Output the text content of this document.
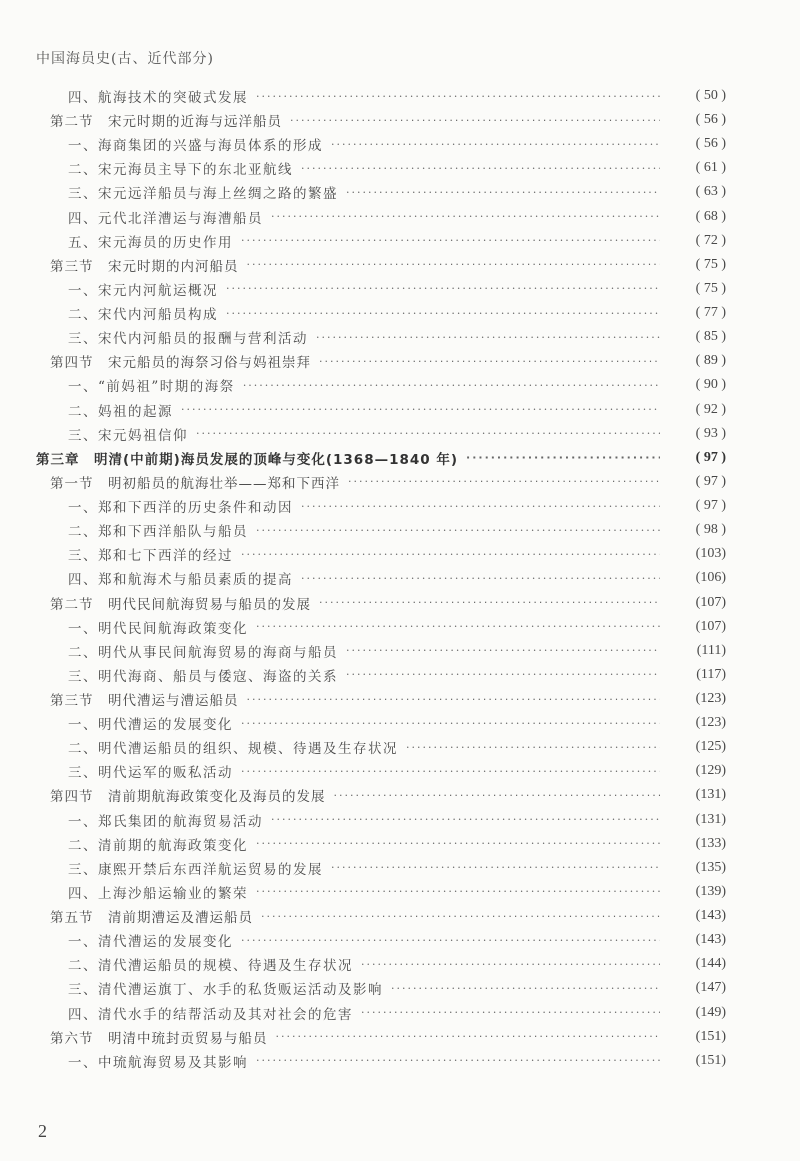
中国海员史(古、近代部分)
四、航海技术的突破式发展 ·····	( 50 )
第二节　宋元时期的近海与远洋船员 ·····	( 56 )
一、海商集团的兴盛与海员体系的形成 ·····	( 56 )
二、宋元海员主导下的东北亚航线 ·····	( 61 )
三、宋元远洋船员与海上丝绸之路的繁盛 ·····	( 63 )
四、元代北洋漕运与海漕船员 ·····	( 68 )
五、宋元海员的历史作用 ·····	( 72 )
第三节　宋元时期的内河船员 ·····	( 75 )
一、宋元内河航运概况 ·····	( 75 )
二、宋代内河船员构成 ·····	( 77 )
三、宋代内河船员的报酬与营利活动 ·····	( 85 )
第四节　宋元船员的海祭习俗与妈祖崇拜 ·····	( 89 )
一、“前妈祖”时期的海祭 ·····	( 90 )
二、妈祖的起源 ·····	( 92 )
三、宋元妈祖信仰 ·····	( 93 )
第三章　明清(中前期)海员发展的顶峰与变化(1368—1840 年) ·····	( 97 )
第一节　明初船员的航海壮举——郑和下西洋 ·····	( 97 )
一、郑和下西洋的历史条件和动因 ·····	( 97 )
二、郑和下西洋船队与船员 ·····	( 98 )
三、郑和七下西洋的经过 ·····	(103)
四、郑和航海术与船员素质的提高 ·····	(106)
第二节　明代民间航海贸易与船员的发展 ·····	(107)
一、明代民间航海政策变化 ·····	(107)
二、明代从事民间航海贸易的海商与船员 ·····	(111)
三、明代海商、船员与倭寇、海盗的关系 ·····	(117)
第三节　明代漕运与漕运船员 ·····	(123)
一、明代漕运的发展变化 ·····	(123)
二、明代漕运船员的组织、规模、待遇及生存状况 ·····	(125)
三、明代运军的贩私活动 ·····	(129)
第四节　清前期航海政策变化及海员的发展 ·····	(131)
一、郑氏集团的航海贸易活动 ·····	(131)
二、清前期的航海政策变化 ·····	(133)
三、康熙开禁后东西洋航运贸易的发展 ·····	(135)
四、上海沙船运输业的繁荣 ·····	(139)
第五节　清前期漕运及漕运船员 ·····	(143)
一、清代漕运的发展变化 ·····	(143)
二、清代漕运船员的规模、待遇及生存状况 ·····	(144)
三、清代漕运旗丁、水手的私货贩运活动及影响 ·····	(147)
四、清代水手的结帮活动及其对社会的危害 ·····	(149)
第六节　明清中琉封贡贸易与船员 ·····	(151)
一、中琉航海贸易及其影响 ·····	(151)
2
